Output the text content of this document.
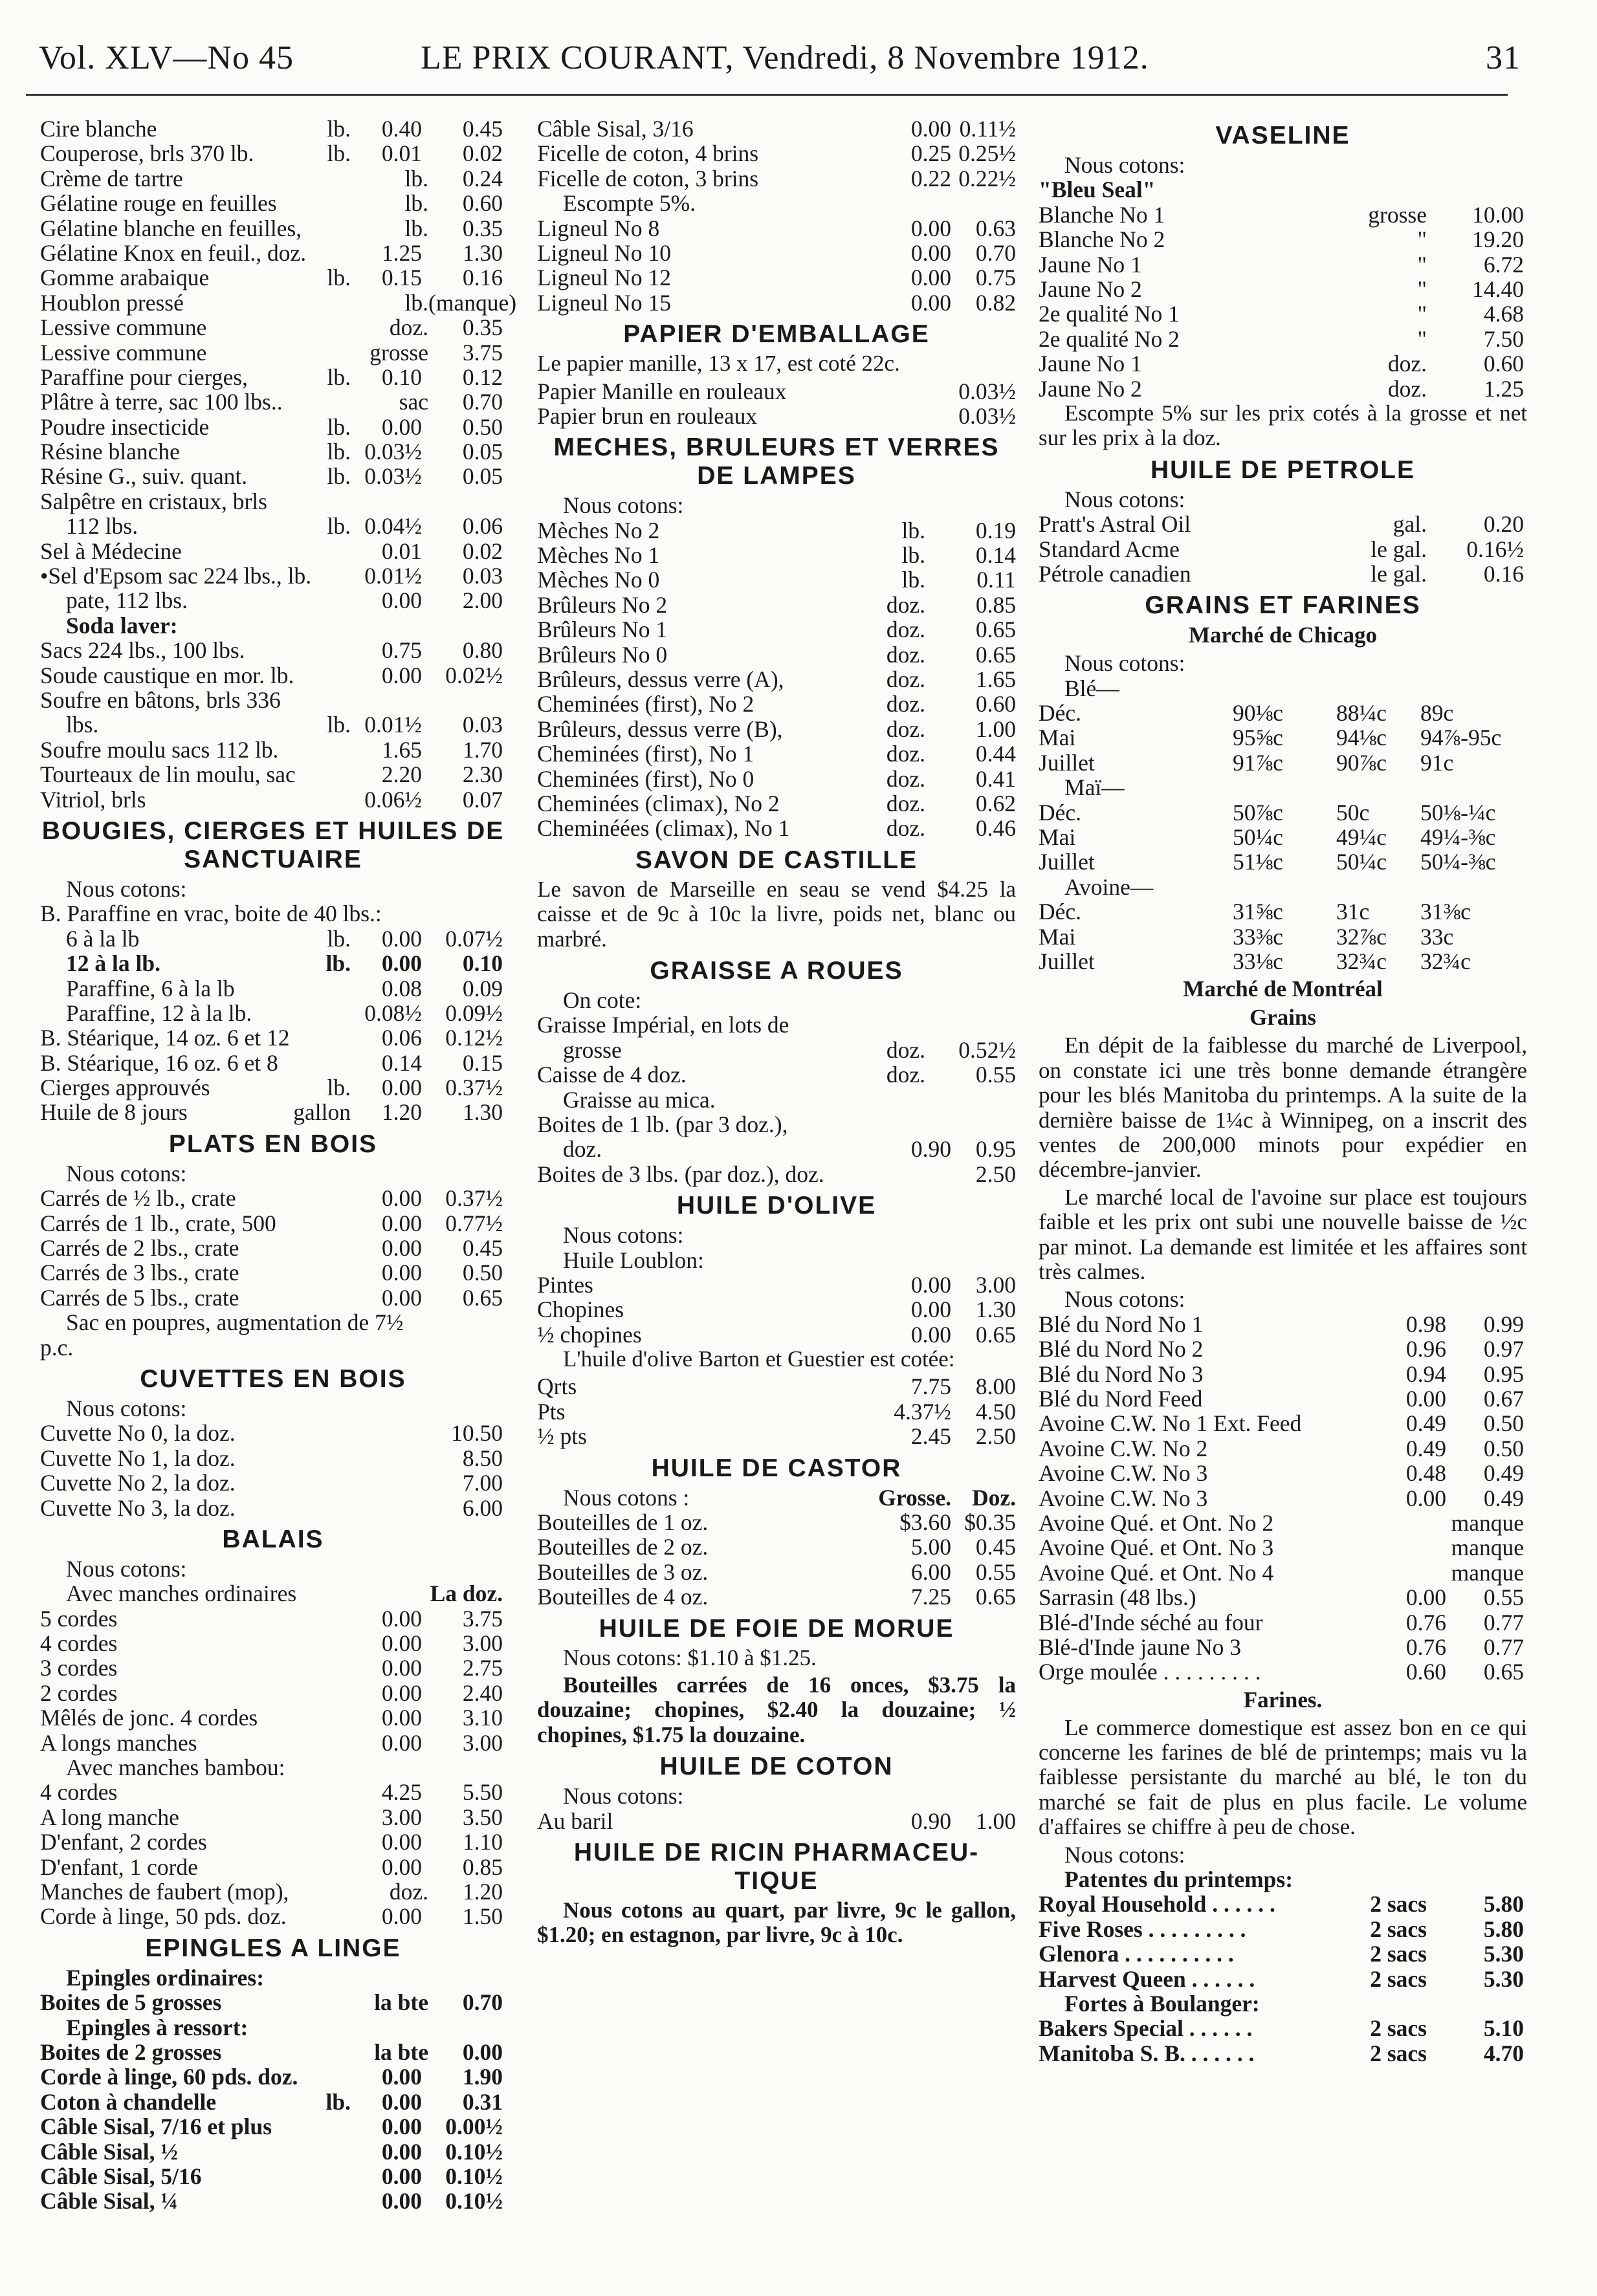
Vol. XLV—No 45	LE PRIX COURANT, Vendredi, 8 Novembre 1912.	31
Cire blanche	lb.	0.40	0.45
Couperose, brls 370 lb.	lb.	0.01	0.02
Crème de tartre	lb.	0.24
Gélatine rouge en feuilles	lb.	0.60
Gélatine blanche en feuilles,	lb.	0.35
Gélatine Knox en feuil., doz.	1.25	1.30
Gomme arabaique	lb.	0.15	0.16
Houblon pressé	lb. (manque)
Lessive commune	doz.	0.35
Lessive commune	grosse	3.75
Paraffine pour cierges,	lb.	0.10	0.12
Plâtre à terre, sac 100 lbs..	sac	0.70
Poudre insecticide	lb.	0.00	0.50
Résine blanche	lb. 0.03½	0.05
Résine G., suiv. quant.	lb. 0.03½	0.05
Salpêtre en cristaux, brls
112 lbs.	lb. 0.04½	0.06
Sel à Médecine	0.01	0.02
•Sel d'Epsom sac 224 lbs., lb.	0.01½	0.03
pate, 112 lbs.	0.00	2.00
Soda laver:
Sacs 224 lbs., 100 lbs.	0.75	0.80
Soude caustique en mor. lb.	0.00	0.02½
Soufre en bâtons, brls 336
lbs.	lb. 0.01½	0.03
Soufre moulu sacs 112 lb.	1.65	1.70
Tourteaux de lin moulu, sac	2.20	2.30
Vitriol, brls	0.06½	0.07
BOUGIES, CIERGES ET HUILES DE SANCTUAIRE
Nous cotons:
B. Paraffine en vrac, boite de 40 lbs.:
6 à la lb	lb.	0.00	0.07½
12 à la lb.	lb.	0.00	0.10
Paraffine, 6 à la lb	0.08	0.09
Paraffine, 12 à la lb.	0.08½	0.09½
B. Stéarique, 14 oz. 6 et 12	0.06	0.12½
B. Stéarique, 16 oz. 6 et 8	0.14	0.15
Cierges approuvés	lb.	0.00	0.37½
Huile de 8 jours	gallon	1.20	1.30
PLATS EN BOIS
Nous cotons:
Carrés de ½ lb., crate	0.00	0.37½
Carrés de 1 lb., crate, 500	0.00	0.77½
Carrés de 2 lbs., crate	0.00	0.45
Carrés de 3 lbs., crate	0.00	0.50
Carrés de 5 lbs., crate	0.00	0.65
Sac en poupres, augmentation de 7½
p.c.
CUVETTES EN BOIS
Nous cotons:
Cuvette No 0, la doz.	10.50
Cuvette No 1, la doz.	8.50
Cuvette No 2, la doz.	7.00
Cuvette No 3, la doz.	6.00
BALAIS
Nous cotons:
Avec manches ordinaires	La doz.
5 cordes	0.00	3.75
4 cordes	0.00	3.00
3 cordes	0.00	2.75
2 cordes	0.00	2.40
Mêlés de jonc. 4 cordes	0.00	3.10
A longs manches	0.00	3.00
Avec manches bambou:
4 cordes	4.25	5.50
A long manche	3.00	3.50
D'enfant, 2 cordes	0.00	1.10
D'enfant, 1 corde	0.00	0.85
Manches de faubert (mop),	doz.	1.20
Corde à linge, 50 pds. doz.	0.00	1.50
EPINGLES A LINGE
Epingles ordinaires:
Boites de 5 grosses	la bte	0.70
Epingles à ressort:
Boites de 2 grosses	la bte	0.00
Corde à linge, 60 pds. doz.	0.00	1.90
Coton à chandelle	lb.	0.00	0.31
Câble Sisal, 7/16 et plus	0.00	0.00½
Câble Sisal, ½	0.00	0.10½
Câble Sisal, 5/16	0.00	0.10½
Câble Sisal, ¼	0.00	0.10½
Câble Sisal, 3/16	0.00 0.11½
Ficelle de coton, 4 brins	0.25 0.25½
Ficelle de coton, 3 brins	0.22 0.22½
Escompte 5%.
Ligneul No 8	0.00	0.63
Ligneul No 10	0.00	0.70
Ligneul No 12	0.00	0.75
Ligneul No 15	0.00	0.82
PAPIER D'EMBALLAGE
Le papier manille, 13 x 17, est coté 22c.
Papier Manille en rouleaux	0.03½
Papier brun en rouleaux	0.03½
MECHES, BRULEURS ET VERRES DE LAMPES
Nous cotons:
Mèches No 2	lb.	0.19
Mèches No 1	lb.	0.14
Mèches No 0	lb.	0.11
Brûleurs No 2	doz.	0.85
Brûleurs No 1	doz.	0.65
Brûleurs No 0	doz.	0.65
Brûleurs, dessus verre (A),	doz.	1.65
Cheminées (first), No 2	doz.	0.60
Brûleurs, dessus verre (B),	doz.	1.00
Cheminées (first), No 1	doz.	0.44
Cheminées (first), No 0	doz.	0.41
Cheminées (climax), No 2	doz.	0.62
Cheminéées (climax), No 1	doz.	0.46
SAVON DE CASTILLE
Le savon de Marseille en seau se vend $4.25 la caisse et de 9c à 10c la livre, poids net, blanc ou marbré.
GRAISSE A ROUES
On cote:
Graisse Impérial, en lots de
grosse	doz.	0.52½
Caisse de 4 doz.	doz.	0.55
Graisse au mica.
Boites de 1 lb. (par 3 doz.),
doz.	0.90	0.95
Boites de 3 lbs. (par doz.), doz.	2.50
HUILE D'OLIVE
Nous cotons:
Huile Loublon:
Pintes	0.00	3.00
Chopines	0.00	1.30
½ chopines	0.00	0.65
L'huile d'olive Barton et Guestier est cotée:
Qrts	7.75	8.00
Pts	4.37½	4.50
½ pts	2.45	2.50
HUILE DE CASTOR
Nous cotons :	Grosse. Doz.
Bouteilles de 1 oz.	$3.60 $0.35
Bouteilles de 2 oz.	5.00	0.45
Bouteilles de 3 oz.	6.00	0.55
Bouteilles de 4 oz.	7.25	0.65
HUILE DE FOIE DE MORUE
Nous cotons: $1.10 à $1.25.
Bouteilles carrées de 16 onces, $3.75 la douzaine; chopines, $2.40 la douzaine; ½ chopines, $1.75 la douzaine.
HUILE DE COTON
Nous cotons:
Au baril	0.90	1.00
HUILE DE RICIN PHARMACEU- TIQUE
Nous cotons au quart, par livre, 9c le gallon, $1.20; en estagnon, par livre, 9c à 10c.
VASELINE
Nous cotons:
"Bleu Seal"
Blanche No 1	grosse	10.00
Blanche No 2	"	19.20
Jaune No 1	"	6.72
Jaune No 2	"	14.40
2e qualité No 1	"	4.68
2e qualité No 2	"	7.50
Jaune No 1	doz.	0.60
Jaune No 2	doz.	1.25
Escompte 5% sur les prix cotés à la grosse et net sur les prix à la doz.
HUILE DE PETROLE
Nous cotons:
Pratt's Astral Oil	gal.	0.20
Standard Acme	le gal.	0.16½
Pétrole canadien	le gal.	0.16
GRAINS ET FARINES
Marché de Chicago
Nous cotons:
Blé—
Déc.	90⅛c	88¼c	89c
Mai	95⅝c	94⅛c	94⅞-95c
Juillet	91⅞c	90⅞c	91c
Maï—
Déc.	50⅞c	50c	50⅛-¼c
Mai	50¼c	49¼c	49¼-⅜c
Juillet	51⅛c	50¼c	50¼-⅜c
Avoine—
Déc.	31⅝c	31c	31⅜c
Mai	33⅜c	32⅞c	33c
Juillet	33⅛c	32¾c	32¾c
Marché de Montréal
Grains
En dépit de la faiblesse du marché de Liverpool, on constate ici une très bonne demande étrangère pour les blés Manitoba du printemps. A la suite de la dernière baisse de 1¼c à Winnipeg, on a inscrit des ventes de 200,000 minots pour expédier en décembre-janvier.
Le marché local de l'avoine sur place est toujours faible et les prix ont subi une nouvelle baisse de ½c par minot. La demande est limitée et les affaires sont très calmes.
Nous cotons:
Blé du Nord No 1	0.98	0.99
Blé du Nord No 2	0.96	0.97
Blé du Nord No 3	0.94	0.95
Blé du Nord Feed	0.00	0.67
Avoine C.W. No 1 Ext. Feed	0.49	0.50
Avoine C.W. No 2	0.49	0.50
Avoine C.W. No 3	0.48	0.49
Avoine C.W. No 3	0.00	0.49
Avoine Qué. et Ont. No 2	manque
Avoine Qué. et Ont. No 3	manque
Avoine Qué. et Ont. No 4	manque
Sarrasin (48 lbs.)	0.00	0.55
Blé-d'Inde séché au four	0.76	0.77
Blé-d'Inde jaune No 3	0.76	0.77
Orge moulée . . . . . . . . .	0.60	0.65
Farines.
Le commerce domestique est assez bon en ce qui concerne les farines de blé de printemps; mais vu la faiblesse persistante du marché au blé, le ton du marché se fait de plus en plus facile. Le volume d'affaires se chiffre à peu de chose.
Nous cotons:
Patentes du printemps:
Royal Household . . . . . .	2 sacs	5.80
Five Roses . . . . . . . . .	2 sacs	5.80
Glenora . . . . . . . . . .	2 sacs	5.30
Harvest Queen . . . . . .	2 sacs	5.30
Fortes à Boulanger:
Bakers Special . . . . . .	2 sacs	5.10
Manitoba S. B. . . . . . .	2 sacs	4.70
